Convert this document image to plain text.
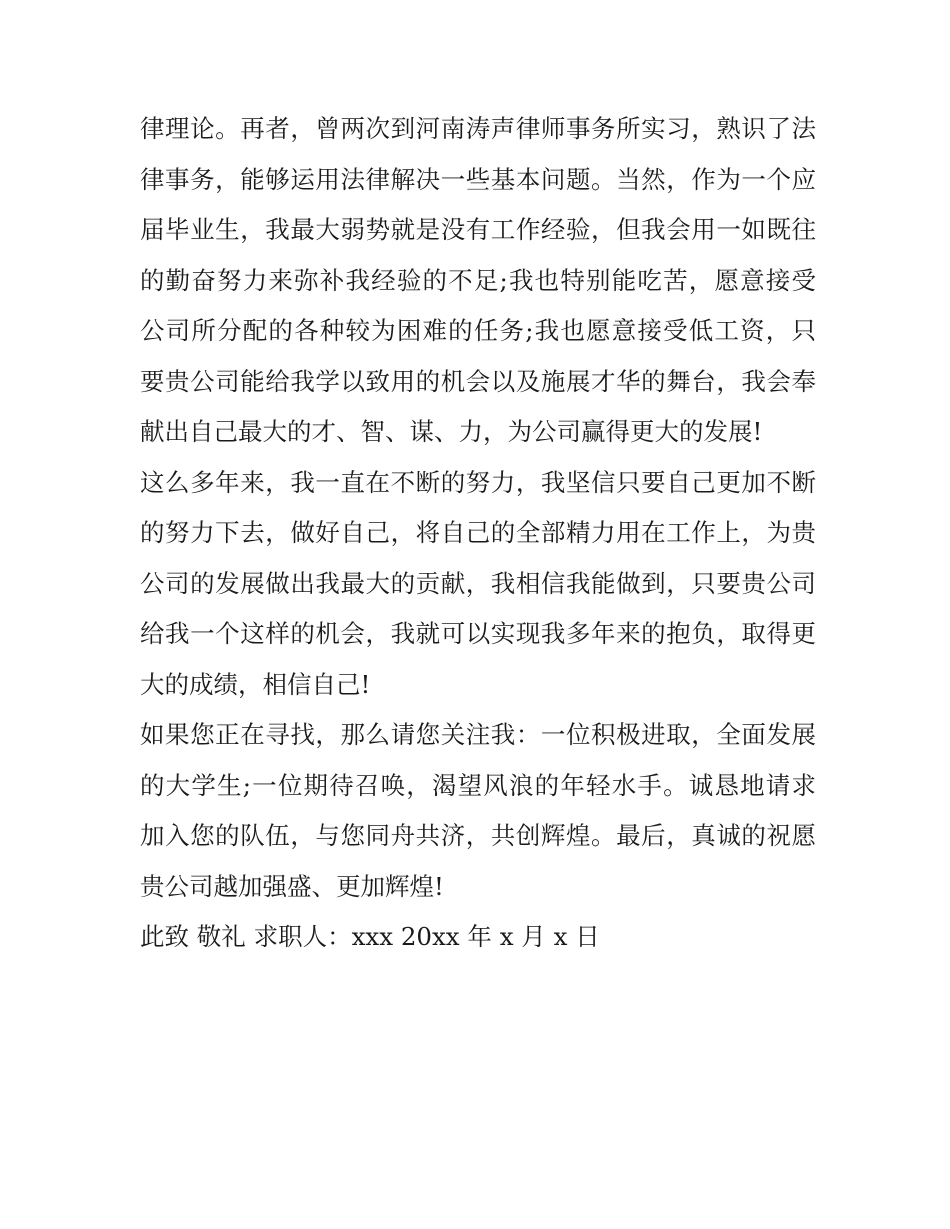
律理论。再者，曾两次到河南涛声律师事务所实习，熟识了法
律事务，能够运用法律解决一些基本问题。当然，作为一个应
届毕业生，我最大弱势就是没有工作经验，但我会用一如既往
的勤奋努力来弥补我经验的不足;我也特别能吃苦，愿意接受
公司所分配的各种较为困难的任务;我也愿意接受低工资，只
要贵公司能给我学以致用的机会以及施展才华的舞台，我会奉
献出自己最大的才、智、谋、力，为公司赢得更大的发展!
这么多年来，我一直在不断的努力，我坚信只要自己更加不断
的努力下去，做好自己，将自己的全部精力用在工作上，为贵
公司的发展做出我最大的贡献，我相信我能做到，只要贵公司
给我一个这样的机会，我就可以实现我多年来的抱负，取得更
大的成绩，相信自己!
如果您正在寻找，那么请您关注我：一位积极进取，全面发展
的大学生;一位期待召唤，渴望风浪的年轻水手。诚恳地请求
加入您的队伍，与您同舟共济，共创辉煌。最后，真诚的祝愿
贵公司越加强盛、更加辉煌!
此致 敬礼 求职人：xxx 20xx 年 x 月 x 日
